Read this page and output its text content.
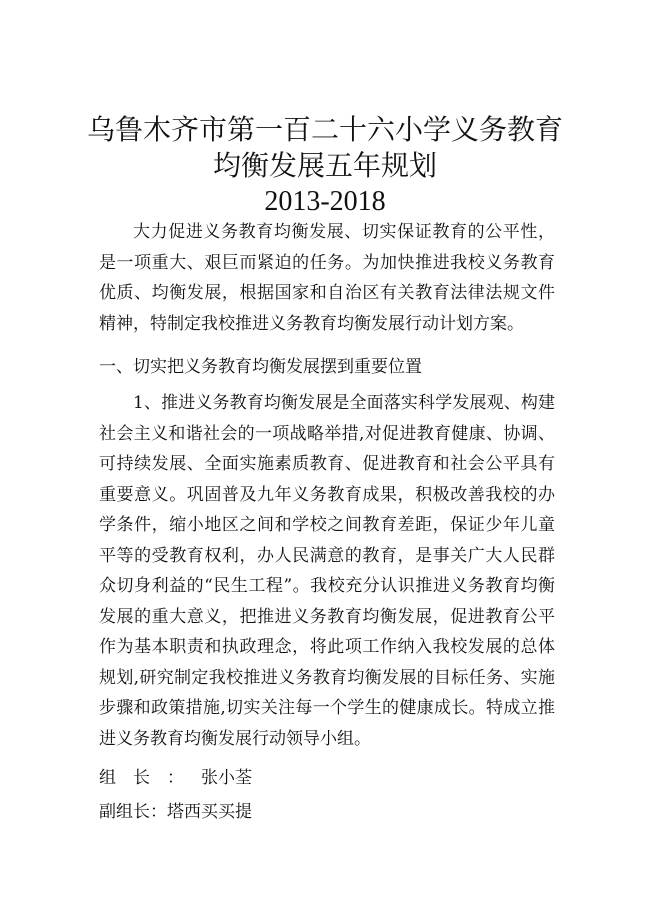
乌鲁木齐市第一百二十六小学义务教育
均衡发展五年规划
2013-2018
大力促进义务教育均衡发展、切实保证教育的公平性，是一项重大、艰巨而紧迫的任务。为加快推进我校义务教育优质、均衡发展，根据国家和自治区有关教育法律法规文件精神，特制定我校推进义务教育均衡发展行动计划方案。
一、切实把义务教育均衡发展摆到重要位置
1、推进义务教育均衡发展是全面落实科学发展观、构建社会主义和谐社会的一项战略举措,对促进教育健康、协调、可持续发展、全面实施素质教育、促进教育和社会公平具有重要意义。巩固普及九年义务教育成果，积极改善我校的办学条件，缩小地区之间和学校之间教育差距，保证少年儿童平等的受教育权利，办人民满意的教育，是事关广大人民群众切身利益的“民生工程”。我校充分认识推进义务教育均衡发展的重大意义，把推进义务教育均衡发展，促进教育公平作为基本职责和执政理念，将此项工作纳入我校发展的总体规划,研究制定我校推进义务教育均衡发展的目标任务、实施步骤和政策措施,切实关注每一个学生的健康成长。特成立推进义务教育均衡发展行动领导小组。
组长：张小荃
副组长：塔西买买提
